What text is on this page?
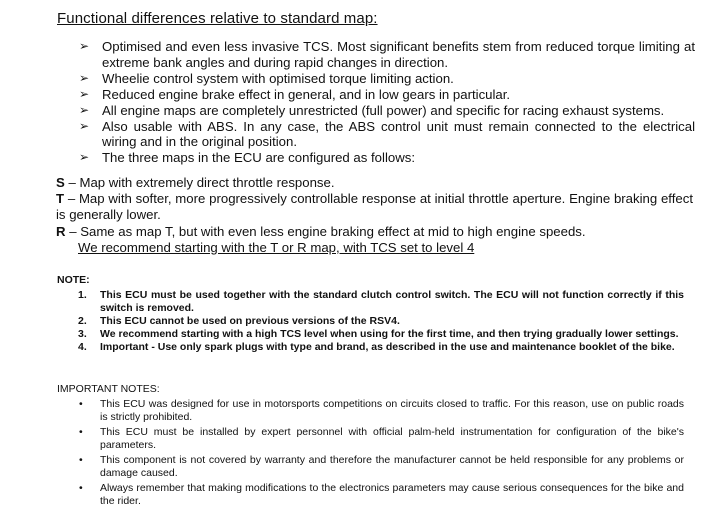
Functional differences relative to standard map:
➢ Optimised and even less invasive TCS. Most significant benefits stem from reduced torque limiting at extreme bank angles and during rapid changes in direction.
➢ Wheelie control system with optimised torque limiting action.
➢ Reduced engine brake effect in general, and in low gears in particular.
➢ All engine maps are completely unrestricted (full power) and specific for racing exhaust systems.
➢ Also usable with ABS. In any case, the ABS control unit must remain connected to the electrical wiring and in the original position.
➢ The three maps in the ECU are configured as follows:
S – Map with extremely direct throttle response.
T – Map with softer, more progressively controllable response at initial throttle aperture. Engine braking effect is generally lower.
R – Same as map T, but with even less engine braking effect at mid to high engine speeds.
We recommend starting with the T or R map, with TCS set to level 4
NOTE:
1. This ECU must be used together with the standard clutch control switch. The ECU will not function correctly if this switch is removed.
2. This ECU cannot be used on previous versions of the RSV4.
3. We recommend starting with a high TCS level when using for the first time, and then trying gradually lower settings.
4. Important - Use only spark plugs with type and brand, as described in the use and maintenance booklet of the bike.
IMPORTANT NOTES:
• This ECU was designed for use in motorsports competitions on circuits closed to traffic. For this reason, use on public roads is strictly prohibited.
• This ECU must be installed by expert personnel with official palm-held instrumentation for configuration of the bike's parameters.
• This component is not covered by warranty and therefore the manufacturer cannot be held responsible for any problems or damage caused.
• Always remember that making modifications to the electronics parameters may cause serious consequences for the bike and the rider.
